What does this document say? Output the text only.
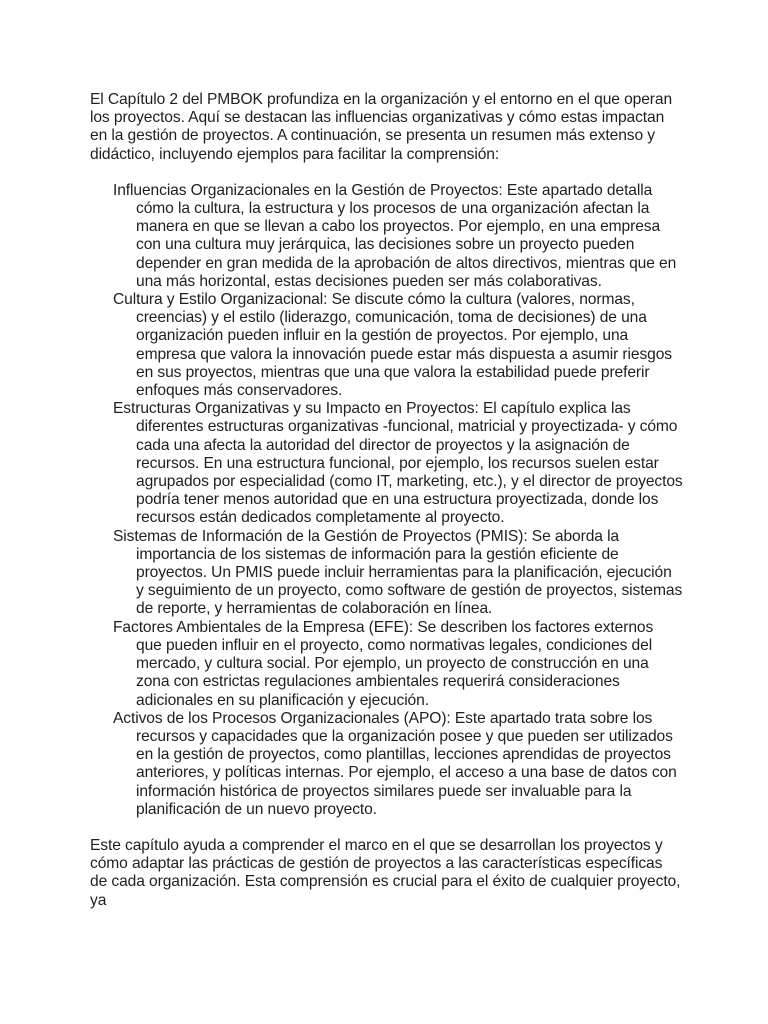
El Capítulo 2 del PMBOK profundiza en la organización y el entorno en el que operan los proyectos. Aquí se destacan las influencias organizativas y cómo estas impactan en la gestión de proyectos. A continuación, se presenta un resumen más extenso y didáctico, incluyendo ejemplos para facilitar la comprensión:

Influencias Organizacionales en la Gestión de Proyectos: Este apartado detalla cómo la cultura, la estructura y los procesos de una organización afectan la manera en que se llevan a cabo los proyectos. Por ejemplo, en una empresa con una cultura muy jerárquica, las decisiones sobre un proyecto pueden depender en gran medida de la aprobación de altos directivos, mientras que en una más horizontal, estas decisiones pueden ser más colaborativas.
Cultura y Estilo Organizacional: Se discute cómo la cultura (valores, normas, creencias) y el estilo (liderazgo, comunicación, toma de decisiones) de una organización pueden influir en la gestión de proyectos. Por ejemplo, una empresa que valora la innovación puede estar más dispuesta a asumir riesgos en sus proyectos, mientras que una que valora la estabilidad puede preferir enfoques más conservadores.
Estructuras Organizativas y su Impacto en Proyectos: El capítulo explica las diferentes estructuras organizativas -funcional, matricial y proyectizada- y cómo cada una afecta la autoridad del director de proyectos y la asignación de recursos. En una estructura funcional, por ejemplo, los recursos suelen estar agrupados por especialidad (como IT, marketing, etc.), y el director de proyectos podría tener menos autoridad que en una estructura proyectizada, donde los recursos están dedicados completamente al proyecto.
Sistemas de Información de la Gestión de Proyectos (PMIS): Se aborda la importancia de los sistemas de información para la gestión eficiente de proyectos. Un PMIS puede incluir herramientas para la planificación, ejecución y seguimiento de un proyecto, como software de gestión de proyectos, sistemas de reporte, y herramientas de colaboración en línea.
Factores Ambientales de la Empresa (EFE): Se describen los factores externos que pueden influir en el proyecto, como normativas legales, condiciones del mercado, y cultura social. Por ejemplo, un proyecto de construcción en una zona con estrictas regulaciones ambientales requerirá consideraciones adicionales en su planificación y ejecución.
Activos de los Procesos Organizacionales (APO): Este apartado trata sobre los recursos y capacidades que la organización posee y que pueden ser utilizados en la gestión de proyectos, como plantillas, lecciones aprendidas de proyectos anteriores, y políticas internas. Por ejemplo, el acceso a una base de datos con información histórica de proyectos similares puede ser invaluable para la planificación de un nuevo proyecto.

Este capítulo ayuda a comprender el marco en el que se desarrollan los proyectos y cómo adaptar las prácticas de gestión de proyectos a las características específicas de cada organización. Esta comprensión es crucial para el éxito de cualquier proyecto, ya
